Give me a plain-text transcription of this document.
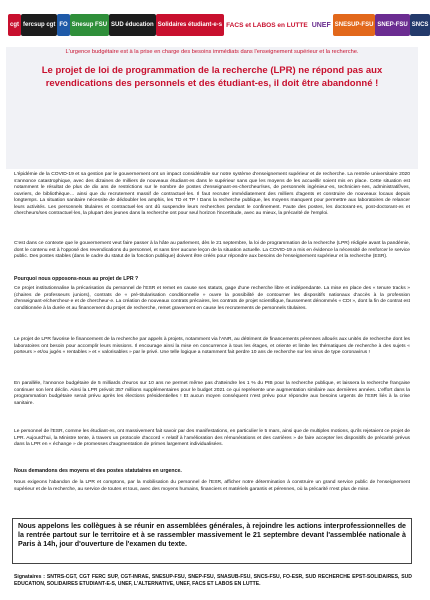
cgt fercsup cgt FO Snesup FSU SUD éducation Solidaires étudiant-e-s FACS et LABOS en LUTTE UNEF SNESUP-FSU SNEP-FSU SNCS
L'urgence budgétaire est à la prise en charge des besoins immédiats dans l'enseignement supérieur et la recherche.
Le projet de loi de programmation de la recherche (LPR) ne répond pas aux revendications des personnels et des étudiant-es, il doit être abandonné !
L'épidémie de la COVID-19 et sa gestion par le gouvernement ont un impact considérable sur notre système d'enseignement supérieur et de recherche. La rentrée universitaire 2020 s'annonce catastrophique, avec des dizaines de milliers de nouveaux étudiant·es dans le supérieur sans que les moyens de les accueillir soient mis en place. Cette situation est notamment le résultat de plus de dix ans de restrictions sur le nombre de postes d'enseignant·es-chercheur/ses, de personnels ingénieur·es, technicien·nes, administratif/ves, ouvriers, de bibliothèque… ainsi que du recrutement massif de contractuel·les. Il faut recruter immédiatement des milliers d'agents et construire de nouveaux locaux depuis longtemps. La situation sanitaire nécessite de dédoubler les amphis, les TD et TP ! Dans la recherche publique, les moyens manquent pour permettre aux laboratoires de relancer leurs activités. Les personnels titulaires et contractuel·les ont dû suspendre leurs recherches pendant le confinement. Faute des postes, les doctorant·es, post-doctorant·es et chercheurs/ses contractuel·les, la plupart des jeunes dans la recherche ont pour seul horizon l'incertitude, avec au mieux, la précarité de l'emploi.
C'est dans ce contexte que le gouvernement veut faire passer à la hâte au parlement, dès le 21 septembre, la loi de programmation de la recherche (LPR) rédigée avant la pandémie, dont le contenu est à l'opposé des revendications du personnel, et sans tirer aucune leçon de la situation actuelle. La COVID-19 a mis en évidence la nécessité de renforcer le service public. Des postes stables (dans le cadre du statut de la fonction publique) doivent être créés pour répondre aux besoins de l'enseignement supérieur et la recherche (ESR).
Pourquoi nous opposons-nous au projet de LPR ?
Ce projet institutionnalise la précarisation du personnel de l'ESR et remet en cause ses statuts, gage d'une recherche libre et indépendante. La mise en place des « tenure tracks » (chaires de professeurs juniors), contrats de « pré-titularisation conditionnelle » ouvre la possibilité de contourner les dispositifs nationaux d'accès à la profession d'enseignant·e/chercheur·e et de chercheur·e. La création de nouveaux contrats précaires, les contrats de projet scientifique, faussement dénommés « CDI », dont la fin de contrat est conditionnée à la durée et au financement du projet de recherche, remet gravement en cause les recrutements de personnels titulaires.
Le projet de LPR favorise le financement de la recherche par appels à projets, notamment via l'ANR, au détriment de financements pérennes alloués aux unités de recherche dont les laboratoires ont besoin pour accomplir leurs missions. Il encourage ainsi la mise en concurrence à tous les étages, et oriente et limite les thématiques de recherche à des sujets « porteurs » et/ou jugés « rentables » et « valorisables » par le privé. Une telle logique a notamment fait perdre 10 ans de recherche sur les virus de type coronavirus !
En parallèle, l'annonce budgétaire de 5 milliards d'euros sur 10 ans ne permet même pas d'atteindre les 1 % du PIB pour la recherche publique, et laissera la recherche française continuer son lent déclin. Ainsi la LPR prévoit 357 millions supplémentaires pour le budget 2021 ce qui représente une augmentation similaire aux dernières années. L'effort dans la programmation budgétaire serait prévu après les élections présidentielles ! Et aucun moyen conséquent n'est prévu pour répondre aux besoins urgents de l'ESR liés à la crise sanitaire.
Le personnel de l'ESR, comme les étudiant·es, ont massivement fait savoir par des manifestations, en particulier le 5 mars, ainsi que de multiples motions, qu'ils rejetaient ce projet de LPR. Aujourd'hui, la Ministre tente, à travers un protocole d'accord « relatif à l'amélioration des rémunérations et des carrières » de faire accepter les dispositifs de précarité prévus dans la LPR en « échange » de promesses d'augmentation de primes largement individualisées.
Nous demandons des moyens et des postes statutaires en urgence.
Nous exigeons l'abandon de la LPR et comptons, par la mobilisation du personnel de l'ESR, afficher notre détermination à construire un grand service public de l'enseignement supérieur et de la recherche, au service de toutes et tous, avec des moyens humains, financiers et matériels garantis et pérennes, où la précarité n'est plus de mise.
Nous appelons les collègues à se réunir en assemblées générales, à rejoindre les actions interprofessionnelles de la rentrée partout sur le territoire et à se rassembler massivement le 21 septembre devant l'assemblée nationale à Paris à 14h, jour d'ouverture de l'examen du texte.
Signataires : SNTRS-CGT, CGT FERC SUP, CGT-INRAE, SNESUP-FSU, SNEP-FSU, SNASUB-FSU, SNCS-FSU, FO-ESR, SUD RECHERCHE EPST-SOLIDAIRES, SUD EDUCATION, SOLIDAIRES ETUDIANT-E-S, UNEF, L'ALTERNATIVE, UNEF, FACS ET LABOS EN LUTTE.
